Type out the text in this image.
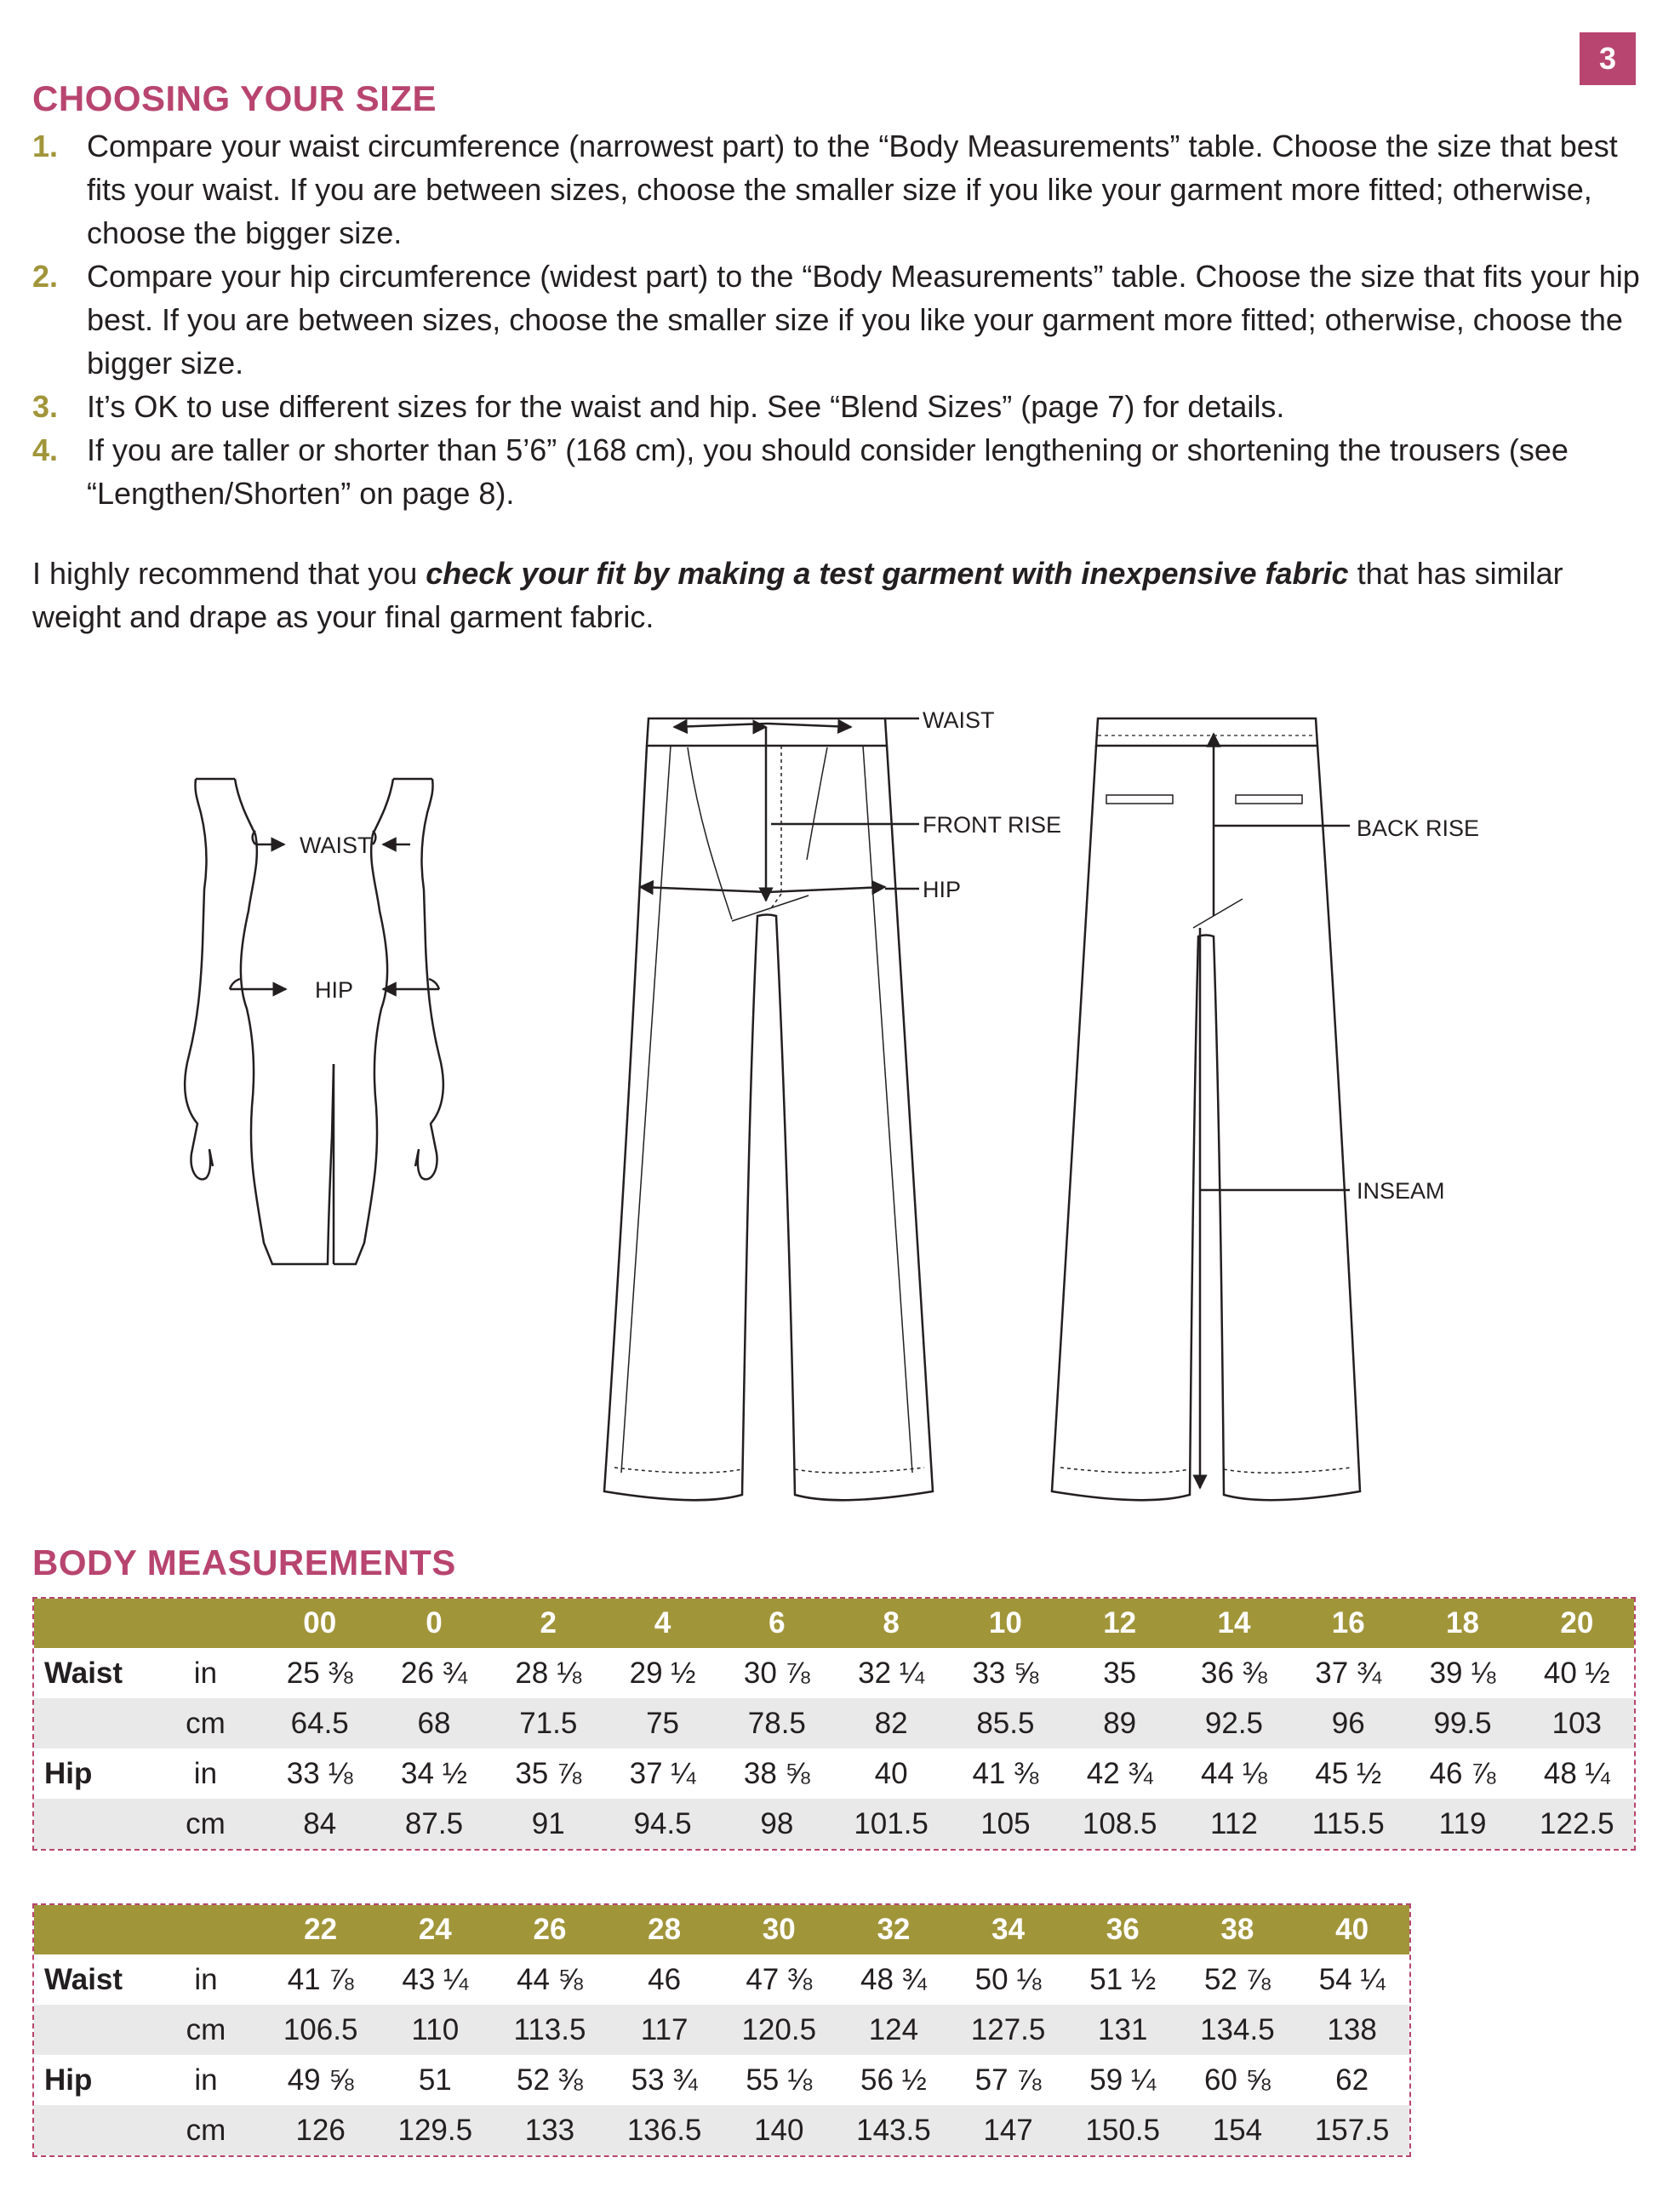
3
CHOOSING YOUR SIZE
1. Compare your waist circumference (narrowest part) to the “Body Measurements” table. Choose the size that best fits your waist. If you are between sizes, choose the smaller size if you like your garment more fitted; otherwise, choose the bigger size.
2. Compare your hip circumference (widest part) to the “Body Measurements” table. Choose the size that fits your hip best. If you are between sizes, choose the smaller size if you like your garment more fitted; otherwise, choose the bigger size.
3. It’s OK to use different sizes for the waist and hip. See “Blend Sizes” (page 7) for details.
4. If you are taller or shorter than 5’6” (168 cm), you should consider lengthening or shortening the trousers (see “Lengthen/Shorten” on page 8).

I highly recommend that you check your fit by making a test garment with inexpensive fabric that has similar weight and drape as your final garment fabric.

WAIST
HIP
WAIST
FRONT RISE
HIP
BACK RISE
INSEAM
BODY MEASUREMENTS
		00	0	2	4	6	8	10	12	14	16	18	20
Waist	in	25 ⅜	26 ¾	28 ⅛	29 ½	30 ⅞	32 ¼	33 ⅝	35	36 ⅜	37 ¾	39 ⅛	40 ½
	cm	64.5	68	71.5	75	78.5	82	85.5	89	92.5	96	99.5	103
Hip	in	33 ⅛	34 ½	35 ⅞	37 ¼	38 ⅝	40	41 ⅜	42 ¾	44 ⅛	45 ½	46 ⅞	48 ¼
	cm	84	87.5	91	94.5	98	101.5	105	108.5	112	115.5	119	122.5
		22	24	26	28	30	32	34	36	38	40
Waist	in	41 ⅞	43 ¼	44 ⅝	46	47 ⅜	48 ¾	50 ⅛	51 ½	52 ⅞	54 ¼
	cm	106.5	110	113.5	117	120.5	124	127.5	131	134.5	138
Hip	in	49 ⅝	51	52 ⅜	53 ¾	55 ⅛	56 ½	57 ⅞	59 ¼	60 ⅝	62
	cm	126	129.5	133	136.5	140	143.5	147	150.5	154	157.5
